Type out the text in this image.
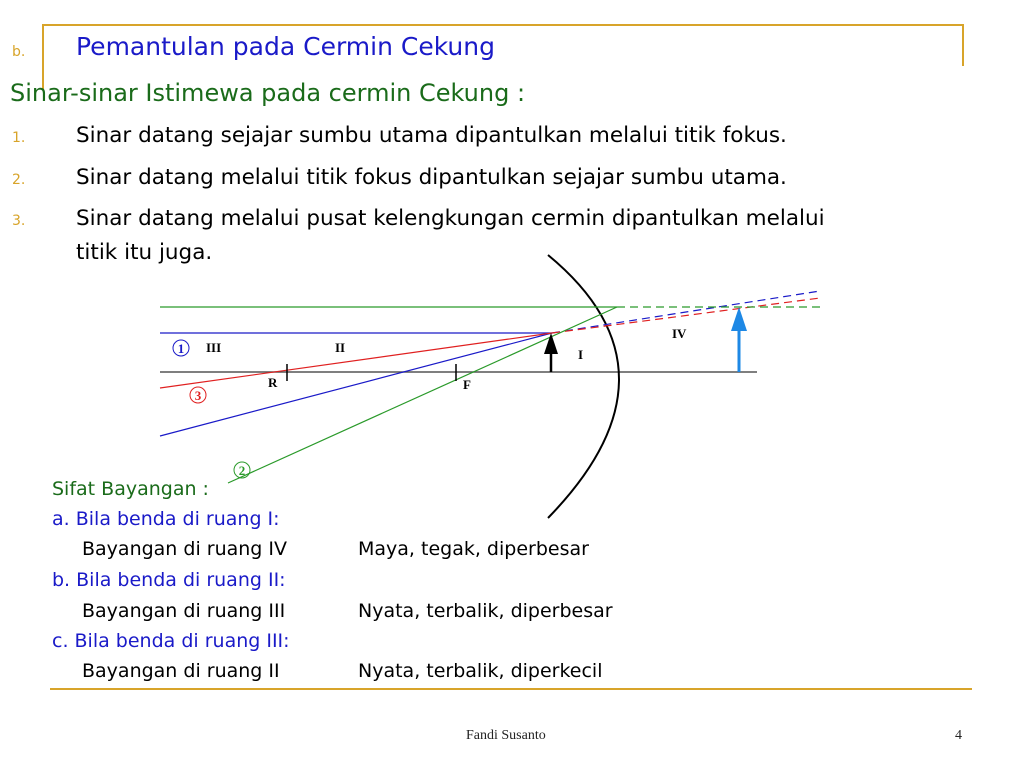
b. Pemantulan pada Cermin Cekung
Sinar-sinar Istimewa pada cermin Cekung :
1. Sinar datang sejajar sumbu utama dipantulkan melalui titik fokus.
2. Sinar datang melalui titik fokus dipantulkan sejajar sumbu utama.
3. Sinar datang melalui pusat kelengkungan cermin dipantulkan melalui
titik itu juga.
1
3
2
III	II	I
IV
R	F
Sifat Bayangan :
a. Bila benda di ruang I:
Bayangan di ruang IV	Maya, tegak, diperbesar
b. Bila benda di ruang II:
Bayangan di ruang III	Nyata, terbalik, diperbesar
c. Bila benda di ruang III:
Bayangan di ruang II	Nyata, terbalik, diperkecil
Fandi Susanto	4
